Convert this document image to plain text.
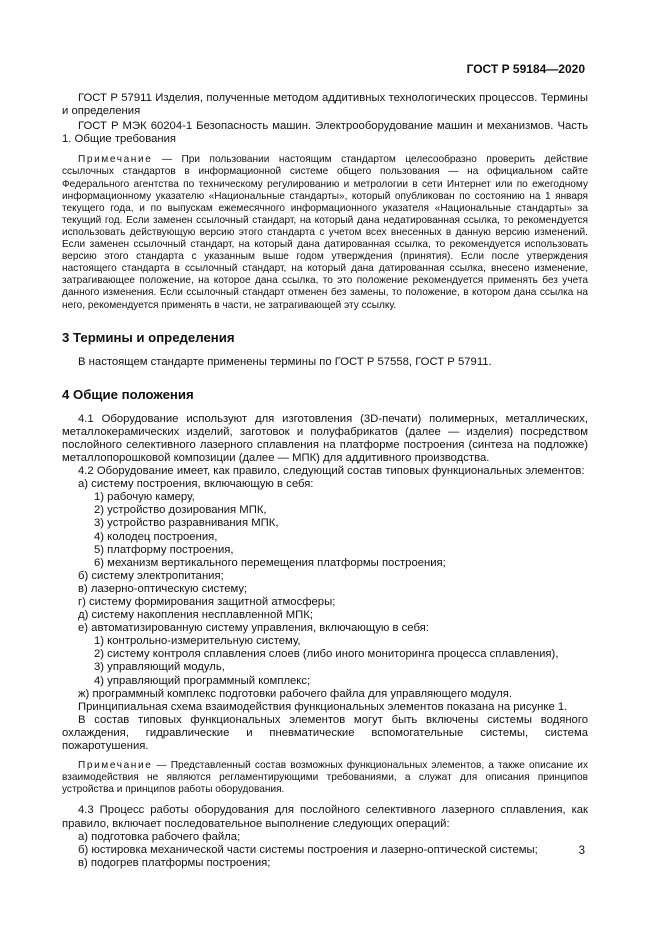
ГОСТ Р 59184—2020

ГОСТ Р 57911 Изделия, полученные методом аддитивных технологических процессов. Термины и определения

ГОСТ Р МЭК 60204-1 Безопасность машин. Электрооборудование машин и механизмов. Часть 1. Общие требования

Примечание — При пользовании настоящим стандартом целесообразно проверить действие ссылочных стандартов в информационной системе общего пользования — на официальном сайте Федерального агентства по техническому регулированию и метрологии в сети Интернет или по ежегодному информационному указателю «Национальные стандарты», который опубликован по состоянию на 1 января текущего года, и по выпускам ежемесячного информационного указателя «Национальные стандарты» за текущий год. Если заменен ссылочный стандарт, на который дана недатированная ссылка, то рекомендуется использовать действующую версию этого стандарта с учетом всех внесенных в данную версию изменений. Если заменен ссылочный стандарт, на который дана датированная ссылка, то рекомендуется использовать версию этого стандарта с указанным выше годом утверждения (принятия). Если после утверждения настоящего стандарта в ссылочный стандарт, на который дана датированная ссылка, внесено изменение, затрагивающее положение, на которое дана ссылка, то это положение рекомендуется применять без учета данного изменения. Если ссылочный стандарт отменен без замены, то положение, в котором дана ссылка на него, рекомендуется применять в части, не затрагивающей эту ссылку.

3 Термины и определения

В настоящем стандарте применены термины по ГОСТ Р 57558, ГОСТ Р 57911.

4 Общие положения

4.1 Оборудование используют для изготовления (3D-печати) полимерных, металлических, металлокерамических изделий, заготовок и полуфабрикатов (далее — изделия) посредством послойного селективного лазерного сплавления на платформе построения (синтеза на подложке) металлопорошковой композиции (далее — МПК) для аддитивного производства.

4.2 Оборудование имеет, как правило, следующий состав типовых функциональных элементов:

а) систему построения, включающую в себя:

1) рабочую камеру,

2) устройство дозирования МПК,

3) устройство разравнивания МПК,

4) колодец построения,

5) платформу построения,

6) механизм вертикального перемещения платформы построения;

б) систему электропитания;

в) лазерно-оптическую систему;

г) систему формирования защитной атмосферы;

д) систему накопления несплавленной МПК;

е) автоматизированную систему управления, включающую в себя:

1) контрольно-измерительную систему,

2) систему контроля сплавления слоев (либо иного мониторинга процесса сплавления),

3) управляющий модуль,

4) управляющий программный комплекс;

ж) программный комплекс подготовки рабочего файла для управляющего модуля.

Принципиальная схема взаимодействия функциональных элементов показана на рисунке 1.

В состав типовых функциональных элементов могут быть включены системы водяного охлаждения, гидравлические и пневматические вспомогательные системы, система пожаротушения.

Примечание — Представленный состав возможных функциональных элементов, а также описание их взаимодействия не являются регламентирующими требованиями, а служат для описания принципов устройства и принципов работы оборудования.

4.3 Процесс работы оборудования для послойного селективного лазерного сплавления, как правило, включает последовательное выполнение следующих операций:

а) подготовка рабочего файла;

б) юстировка механической части системы построения и лазерно-оптической системы;

в) подогрев платформы построения;

3
